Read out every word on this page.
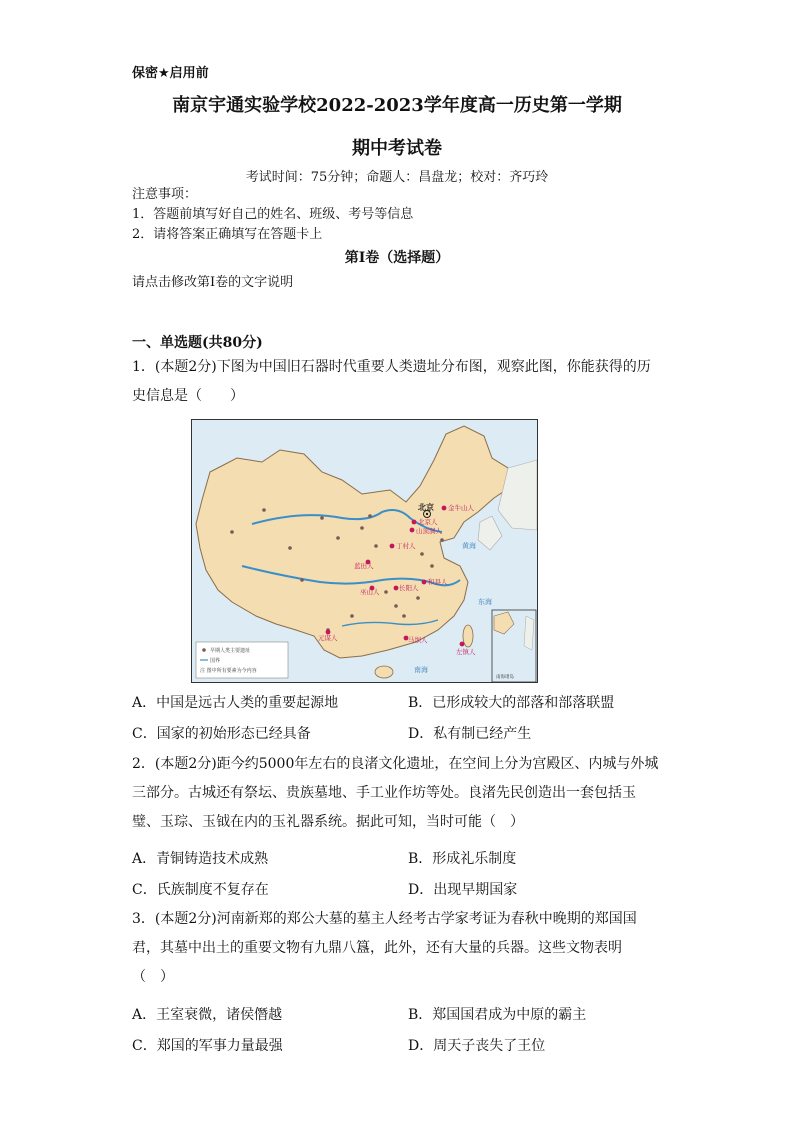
保密★启用前
南京宇通实验学校2022-2023学年度高一历史第一学期
期中考试卷
考试时间：75分钟；命题人：昌盘龙；校对：齐巧玲
注意事项：
1．答题前填写好自己的姓名、班级、考号等信息
2．请将答案正确填写在答题卡上
第I卷（选择题）
请点击修改第I卷的文字说明
一、单选题(共80分)
1．(本题2分)下图为中国旧石器时代重要人类遗址分布图，观察此图，你能获得的历
史信息是（　　）
金牛山人
北京人
山顶洞人
丁村人
蓝田人
和县人
巫山人	长阳人
元谋人	马坝人
左镇人
北京
黄海
东海
南海
南海诸岛
早期人类主要遗址
国界
注 图中所有要素为今内容
A．中国是远古人类的重要起源地	B．已形成较大的部落和部落联盟
C．国家的初始形态已经具备	D．私有制已经产生
2．(本题2分)距今约5000年左右的良渚文化遗址，在空间上分为宫殿区、内城与外城
三部分。古城还有祭坛、贵族墓地、手工业作坊等处。良渚先民创造出一套包括玉
璧、玉琮、玉钺在内的玉礼器系统。据此可知，当时可能（　）
A．青铜铸造技术成熟	B．形成礼乐制度
C．氏族制度不复存在	D．出现早期国家
3．(本题2分)河南新郑的郑公大墓的墓主人经考古学家考证为春秋中晚期的郑国国
君，其墓中出土的重要文物有九鼎八簋，此外，还有大量的兵器。这些文物表明
（　）
A．王室衰微，诸侯僭越	B．郑国国君成为中原的霸主
C．郑国的军事力量最强	D．周天子丧失了王位
